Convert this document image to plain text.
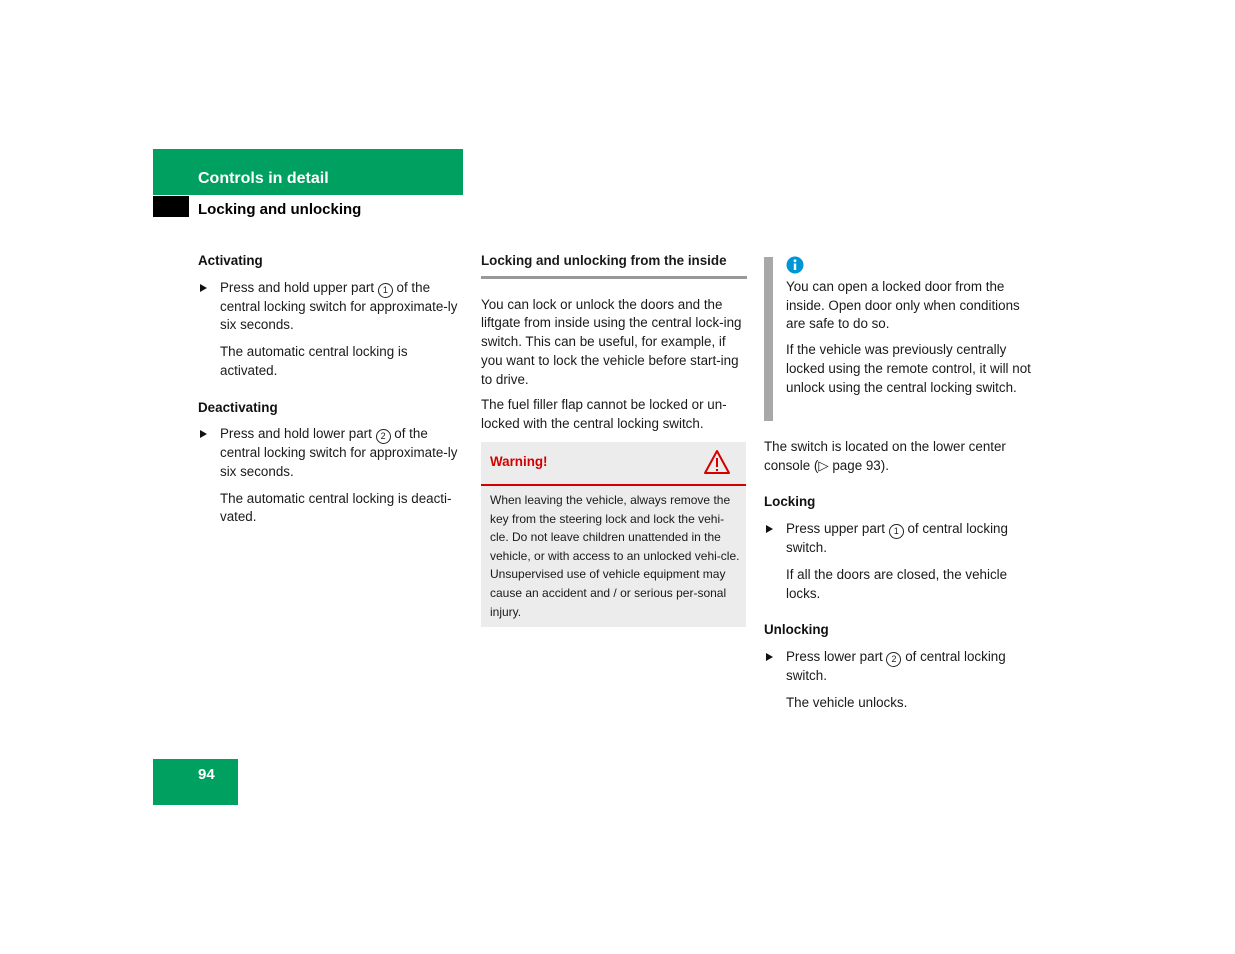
Controls in detail
Locking and unlocking

Activating

Press and hold upper part 1 of the central locking switch for approximate-ly six seconds.

The automatic central locking is activated.

Deactivating

Press and hold lower part 2 of the central locking switch for approximate-ly six seconds.

The automatic central locking is deacti-vated.

Locking and unlocking from the inside

You can lock or unlock the doors and the liftgate from inside using the central lock-ing switch. This can be useful, for example, if you want to lock the vehicle before start-ing to drive.

The fuel filler flap cannot be locked or un-locked with the central locking switch.

Warning!
When leaving the vehicle, always remove the key from the steering lock and lock the vehi-cle. Do not leave children unattended in the vehicle, or with access to an unlocked vehi-cle. Unsupervised use of vehicle equipment may cause an accident and / or serious per-sonal injury.

You can open a locked door from the inside. Open door only when conditions are safe to do so.

If the vehicle was previously centrally locked using the remote control, it will not unlock using the central locking switch.

The switch is located on the lower center console (▷ page 93).

Locking

Press upper part 1 of central locking switch.

If all the doors are closed, the vehicle locks.

Unlocking

Press lower part 2 of central locking switch.

The vehicle unlocks.

94
